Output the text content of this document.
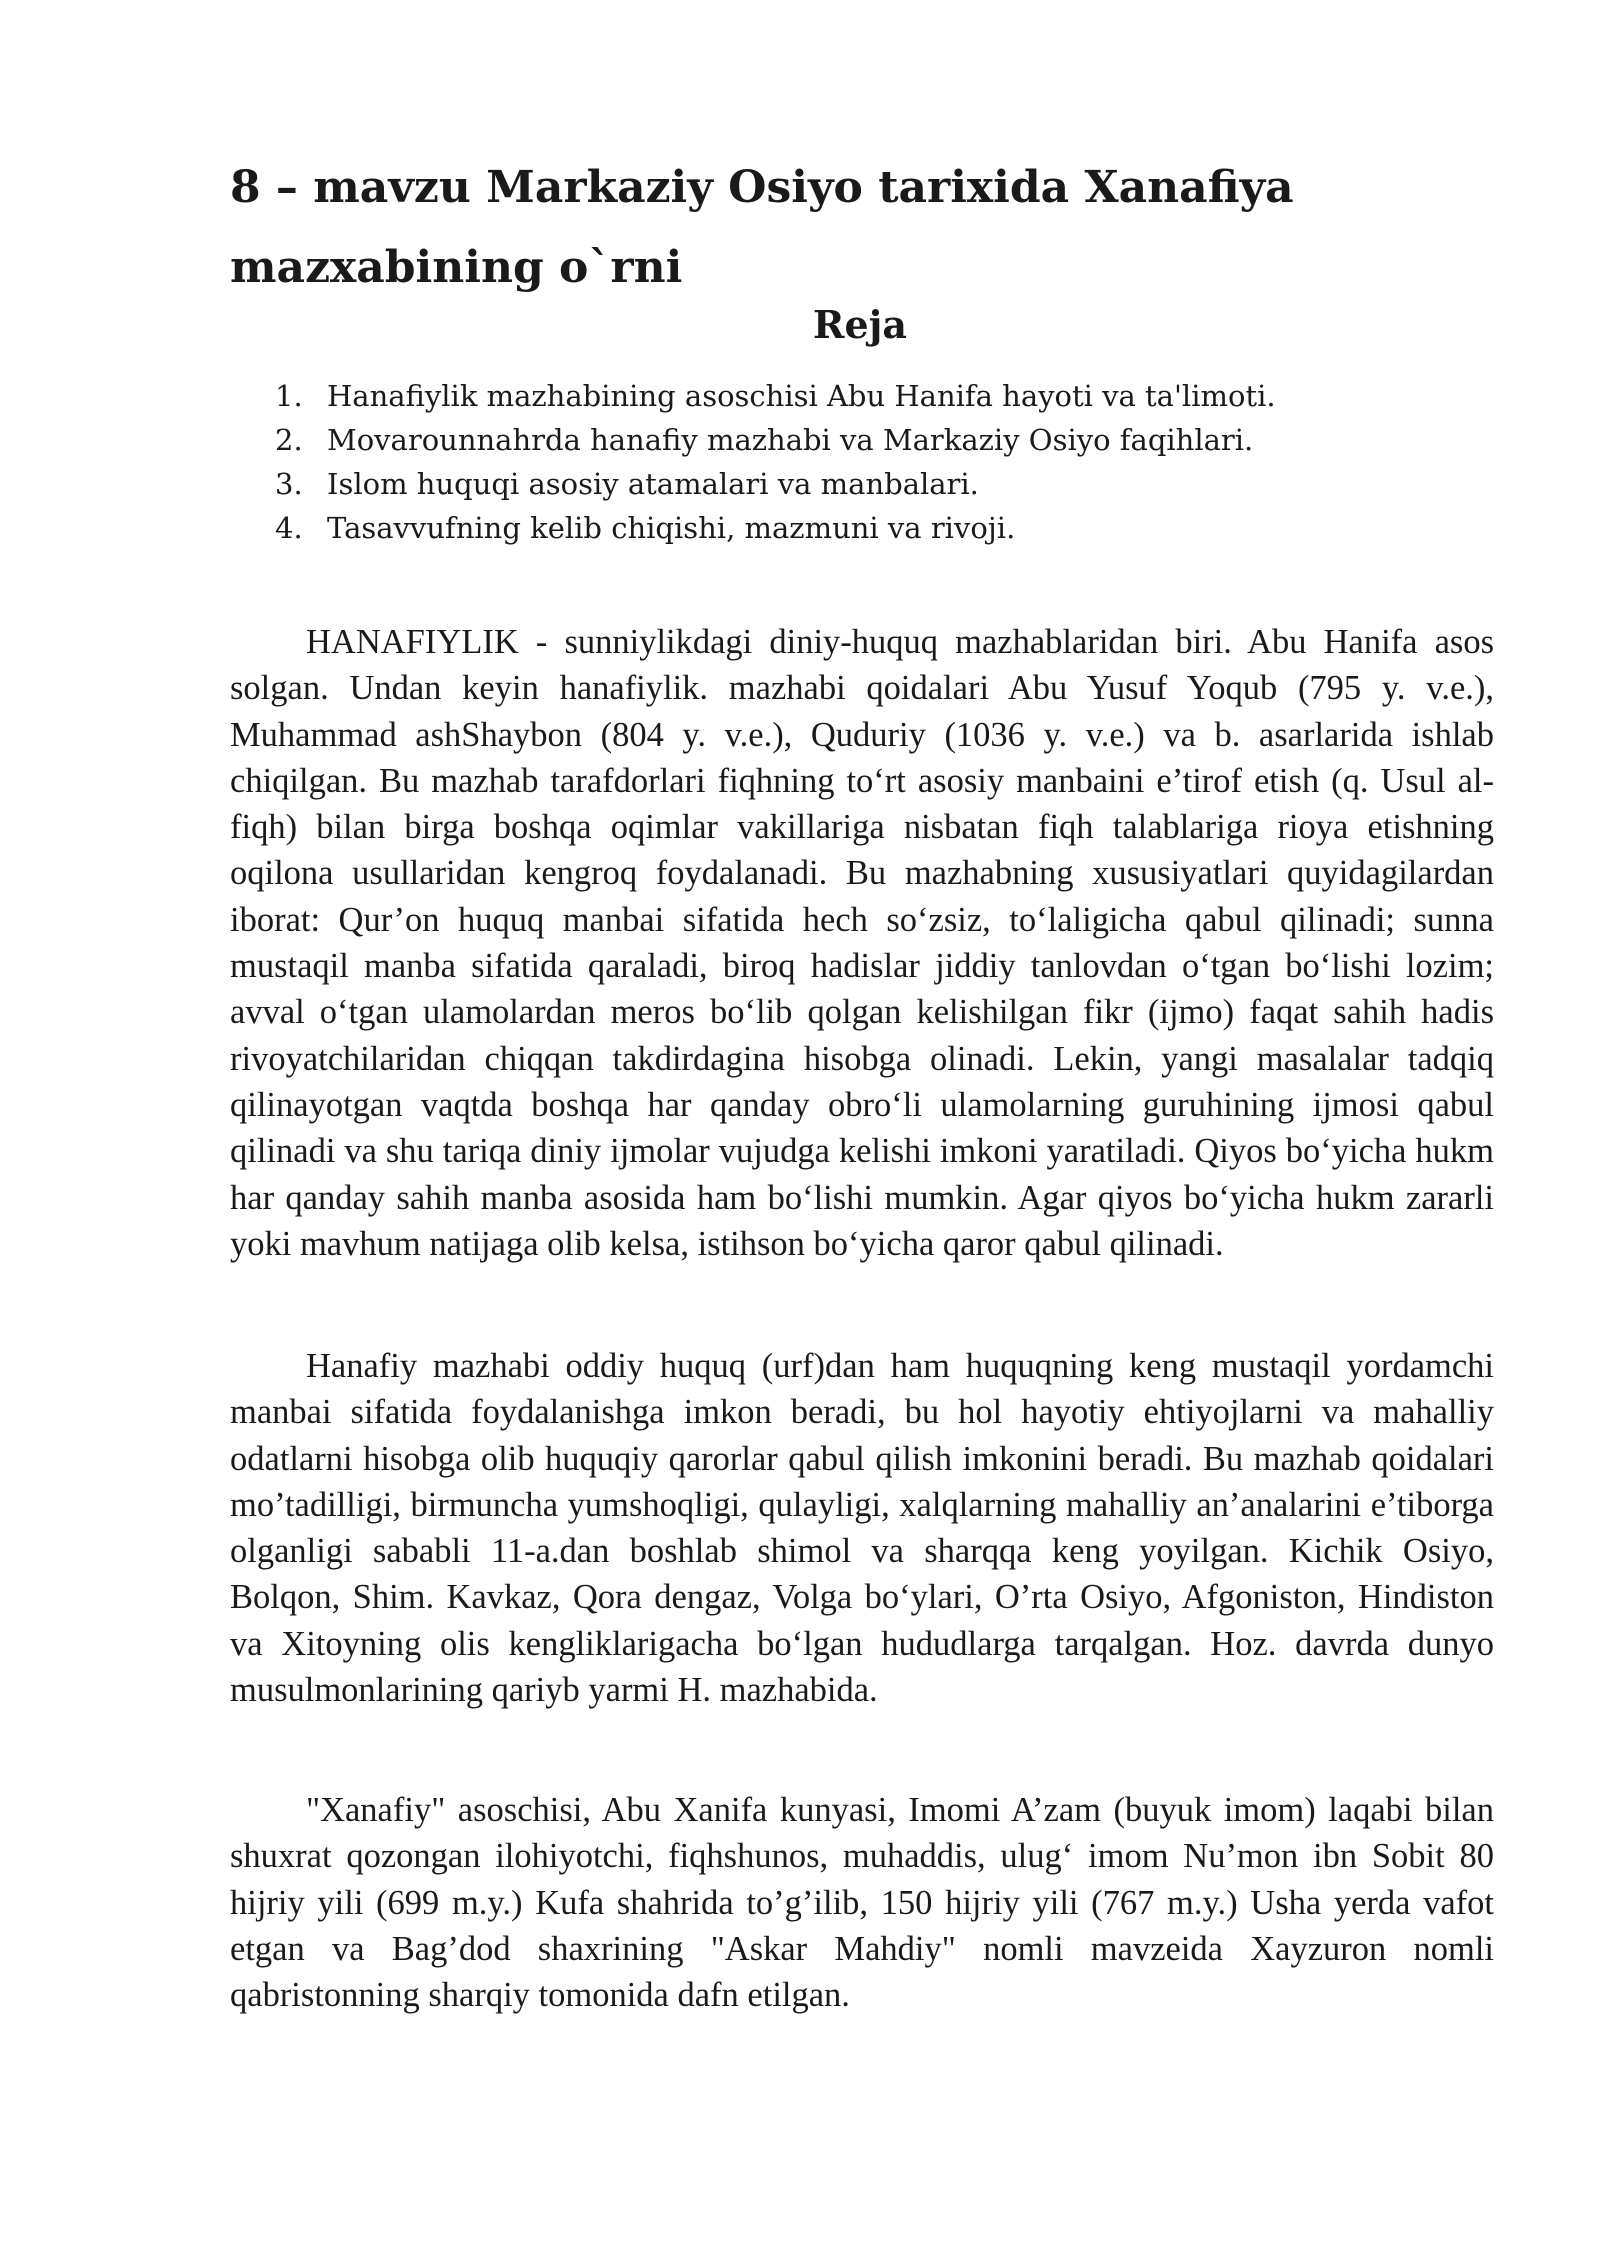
8 – mavzu Markaziy Osiyo tarixida Xanafiya mazxabining o`rni
Reja
1. Hanafiylik mazhabining asoschisi Abu Hanifa hayoti va ta'limoti.
2. Movarounnahrda hanafiy mazhabi va Markaziy Osiyo faqihlari.
3. Islom huquqi asosiy atamalari va manbalari.
4. Tasavvufning kelib chiqishi, mazmuni va rivoji.

HANAFIYLIK - sunniylikdagi diniy-huquq mazhablaridan biri. Abu Hanifa asos solgan. Undan keyin hanafiylik. mazhabi qoidalari Abu Yusuf Yoqub (795 y. v.e.), Muhammad ashShaybon (804 y. v.e.), Quduriy (1036 y. v.e.) va b. asarlarida ishlab chiqilgan. Bu mazhab tarafdorlari fiqhning to‘rt asosiy manbaini e’tirof etish (q. Usul al-fiqh) bilan birga boshqa oqimlar vakillariga nisbatan fiqh talablariga rioya etishning oqilona usullaridan kengroq foydalanadi. Bu mazhabning xususiyatlari quyidagilardan iborat: Qur’on huquq manbai sifatida hech so‘zsiz, to‘laligicha qabul qilinadi; sunna mustaqil manba sifatida qaraladi, biroq hadislar jiddiy tanlovdan o‘tgan bo‘lishi lozim; avval o‘tgan ulamolardan meros bo‘lib qolgan kelishilgan fikr (ijmo) faqat sahih hadis rivoyatchilaridan chiqqan takdirdagina hisobga olinadi. Lekin, yangi masalalar tadqiq qilinayotgan vaqtda boshqa har qanday obro‘li ulamolarning guruhining ijmosi qabul qilinadi va shu tariqa diniy ijmolar vujudga kelishi imkoni yaratiladi. Qiyos bo‘yicha hukm har qanday sahih manba asosida ham bo‘lishi mumkin. Agar qiyos bo‘yicha hukm zararli yoki mavhum natijaga olib kelsa, istihson bo‘yicha qaror qabul qilinadi.

Hanafiy mazhabi oddiy huquq (urf)dan ham huquqning keng mustaqil yordamchi manbai sifatida foydalanishga imkon beradi, bu hol hayotiy ehtiyojlarni va mahalliy odatlarni hisobga olib huquqiy qarorlar qabul qilish imkonini beradi. Bu mazhab qoidalari mo’tadilligi, birmuncha yumshoqligi, qulayligi, xalqlarning mahalliy an’analarini e’tiborga olganligi sababli 11-a.dan boshlab shimol va sharqqa keng yoyilgan. Kichik Osiyo, Bolqon, Shim. Kavkaz, Qora dengaz, Volga bo‘ylari, O’rta Osiyo, Afgoniston, Hindiston va Xitoyning olis kengliklarigacha bo‘lgan hududlarga tarqalgan. Hoz. davrda dunyo musulmonlarining qariyb yarmi H. mazhabida.

"Xanafiy" asoschisi, Abu Xanifa kunyasi, Imomi A’zam (buyuk imom) laqabi bilan shuxrat qozongan ilohiyotchi, fiqhshunos, muhaddis, ulug‘ imom Nu’mon ibn Sobit 80 hijriy yili (699 m.y.) Kufa shahrida to’g’ilib, 150 hijriy yili (767 m.y.) Usha yerda vafot etgan va Bag’dod shaxrining "Askar Mahdiy" nomli mavzeida Xayzuron nomli qabristonning sharqiy tomonida dafn etilgan.
